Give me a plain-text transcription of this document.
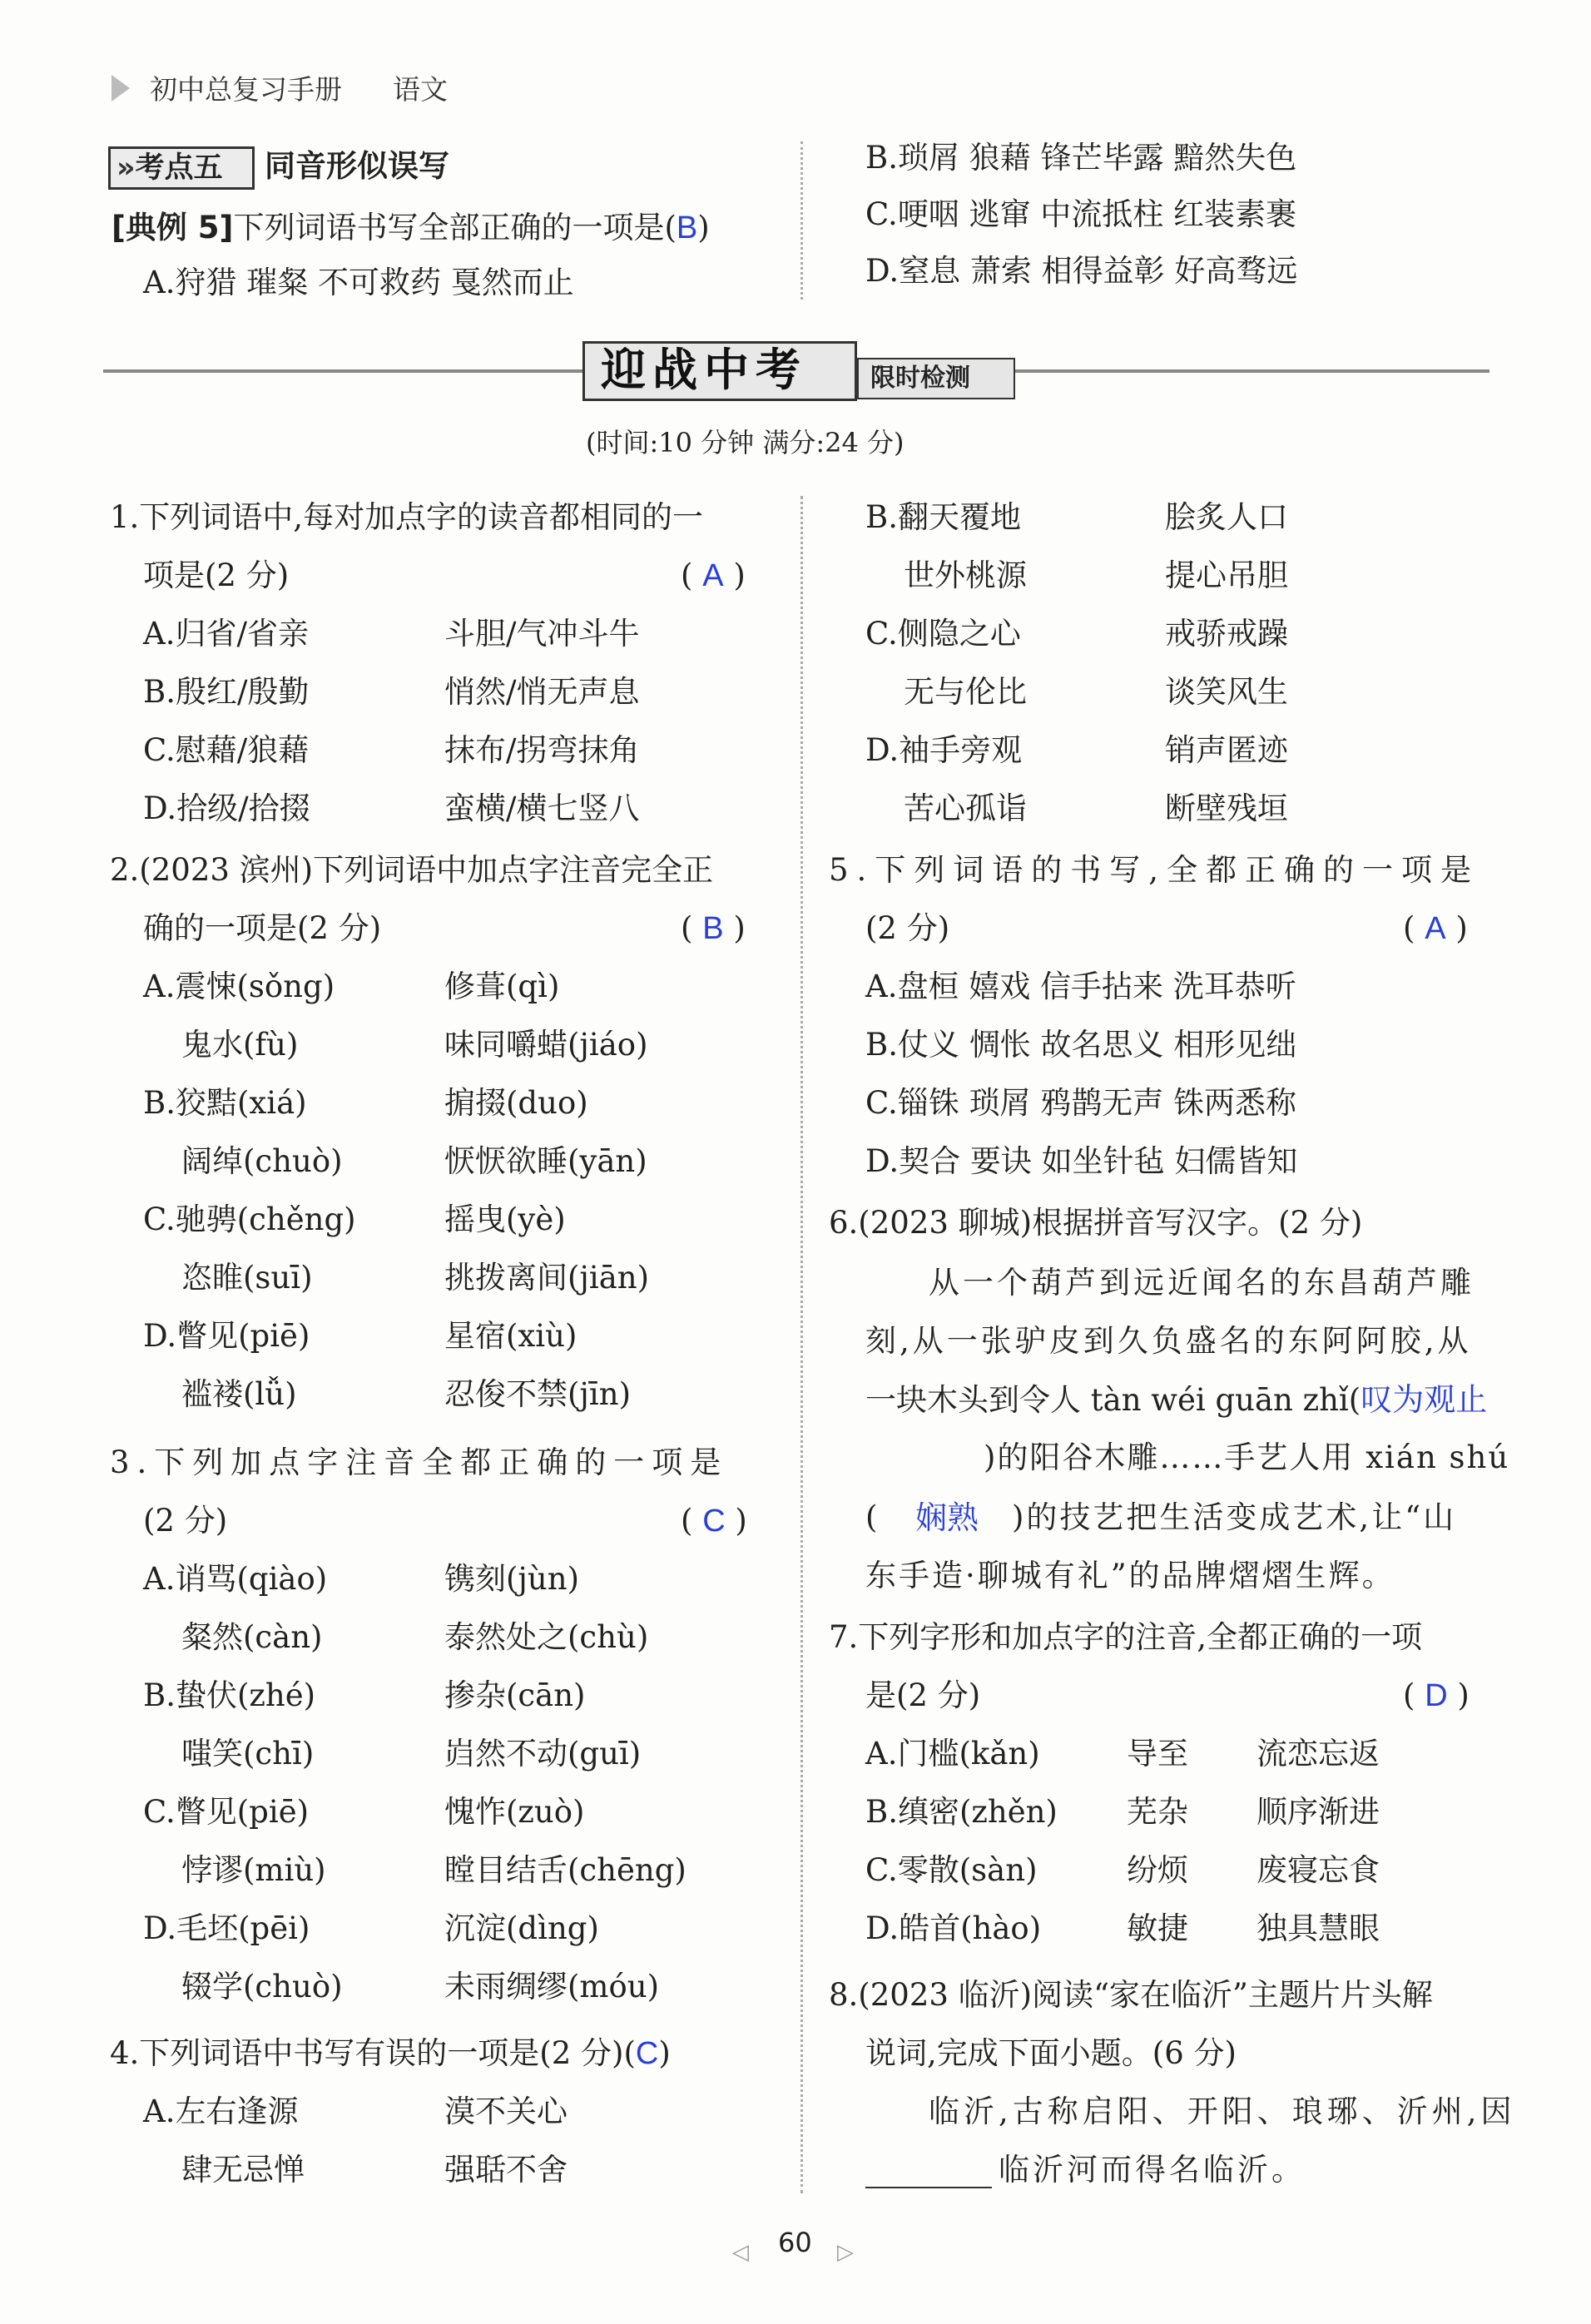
初中总复习手册 语文
»考点五 同音形似误写
[典例 5]下列词语书写全部正确的一项是(B)
A.狩猎 璀粲 不可救药 戛然而止
B.琐屑 狼藉 锋芒毕露 黯然失色
C.哽咽 逃窜 中流抵柱 红装素裹
D.窒息 萧索 相得益彰 好高骛远
迎战中考	限时检测
(时间:10 分钟 满分:24 分)
1.下列词语中,每对加点字的读音都相同的一
项是(2 分)	( A )
A.归省/省亲	斗胆/气冲斗牛
B.殷红/殷勤	悄然/悄无声息
C.慰藉/狼藉	抹布/拐弯抹角
D.拾级/拾掇	蛮横/横七竖八
2.(2023 滨州)下列词语中加点字注音完全正
确的一项是(2 分)	( B )
A.震悚(sǒng)	修葺(qì)
鬼水(fù)	味同嚼蜡(jiáo)
B.狡黠(xiá)	掮掇(duo)
阔绰(chuò)	恹恹欲睡(yān)
C.驰骋(chěng)	摇曳(yè)
恣睢(suī)	挑拨离间(jiān)
D.瞥见(piē)	星宿(xiù)
褴褛(lǚ)	忍俊不禁(jīn)
3.下列加点字注音全都正确的一项是
(2 分)	( C )
A.诮骂(qiào)	镌刻(jùn)
粲然(càn)	泰然处之(chù)
B.蛰伏(zhé)	掺杂(cān)
嗤笑(chī)	岿然不动(guī)
C.瞥见(piē)	愧怍(zuò)
悖谬(miù)	瞠目结舌(chēng)
D.毛坯(pēi)	沉淀(dìng)
辍学(chuò)	未雨绸缪(móu)
4.下列词语中书写有误的一项是(2 分)(C)
A.左右逢源	漠不关心
肆无忌惮	强聒不舍
B.翻天覆地	脍炙人口
世外桃源	提心吊胆
C.侧隐之心	戒骄戒躁
无与伦比	谈笑风生
D.袖手旁观	销声匿迹
苦心孤诣	断壁残垣
5.下列词语的书写,全都正确的一项是
(2 分)	( A )
A.盘桓 嬉戏 信手拈来 洗耳恭听
B.仗义 惆怅 故名思义 相形见绌
C.锱铢 琐屑 鸦鹊无声 铢两悉称
D.契合 要诀 如坐针毡 妇儒皆知
6.(2023 聊城)根据拼音写汉字。(2 分)
从一个葫芦到远近闻名的东昌葫芦雕
刻,从一张驴皮到久负盛名的东阿阿胶,从
一块木头到令人 tàn wéi guān zhǐ(叹为观止
)的阳谷木雕……手艺人用 xián shú
( 娴熟 )的技艺把生活变成艺术,让“山
东手造·聊城有礼”的品牌熠熠生辉。
7.下列字形和加点字的注音,全都正确的一项
是(2 分)	( D )
A.门槛(kǎn)	导至 流恋忘返
B.缜密(zhěn) 芜杂 顺序渐进
C.零散(sàn)	纷烦 废寝忘食
D.皓首(hào)	敏捷 独具慧眼
8.(2023 临沂)阅读“家在临沂”主题片片头解
说词,完成下面小题。(6 分)
临沂,古称启阳、开阳、琅琊、沂州,因
临沂河而得名临沂。
◁ 60 ▷
